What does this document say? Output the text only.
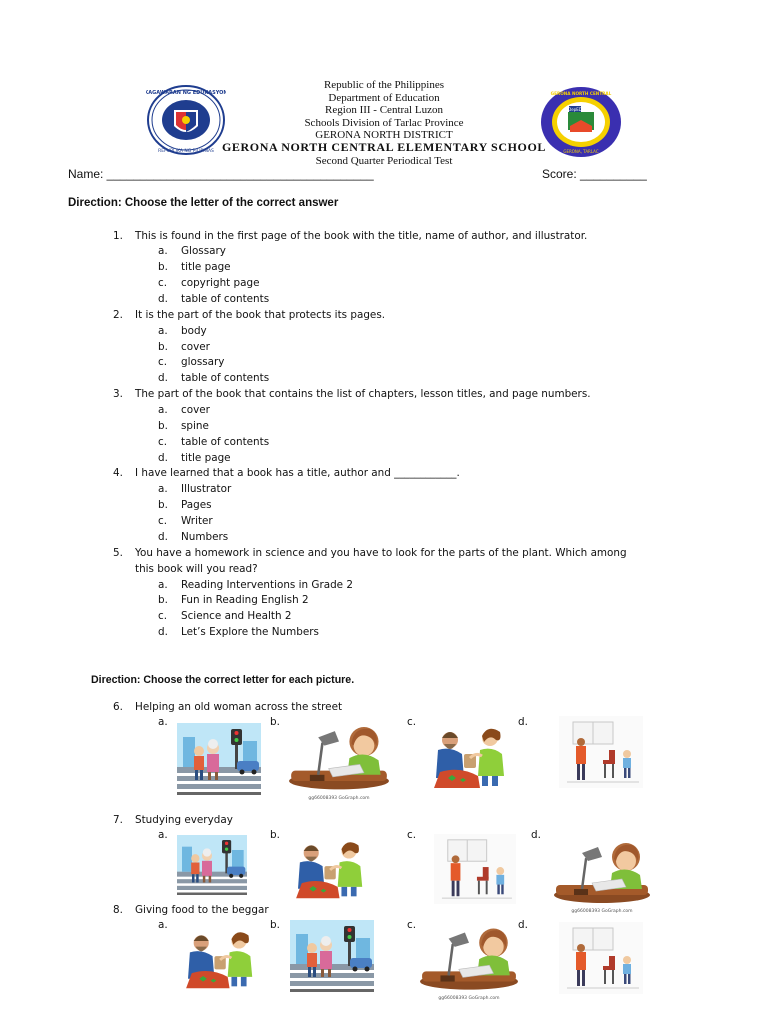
KAGAWARAN NG EDUKASYON
REPUBLIKA NG PILIPINAS
DepED
GERONA NORTH CENTRAL
GERONA, TARLAC
Republic of the Philippines
Department of Education
Region III - Central Luzon
Schools Division of Tarlac Province
GERONA NORTH DISTRICT
GERONA NORTH CENTRAL ELEMENTARY SCHOOL
Second Quarter Periodical Test
Name: ________________________________________	Score: __________
Direction: Choose the letter of the correct answer
1. This is found in the first page of the book with the title, name of author, and illustrator.
a. Glossary
b. title page
c. copyright page
d. table of contents
2. It is the part of the book that protects its pages.
a. body
b. cover
c. glossary
d. table of contents
3. The part of the book that contains the list of chapters, lesson titles, and page numbers.
a. cover
b. spine
c. table of contents
d. title page
4. I have learned that a book has a title, author and ____________.
a. Illustrator
b. Pages
c. Writer
d. Numbers
5. You have a homework in science and you have to look for the parts of the plant. Which among
this book will you read?
a. Reading Interventions in Grade 2
b. Fun in Reading English 2
c. Science and Health 2
d. Let’s Explore the Numbers
Direction: Choose the correct letter for each picture.
6. Helping an old woman across the street
a.	b.	c.	d.
gg66008393 GoGraph.com
7. Studying everyday
a.	b.	c.	d.
gg66008393 GoGraph.com
8. Giving food to the beggar
a.	b.	c.	d.
gg66008393 GoGraph.com
